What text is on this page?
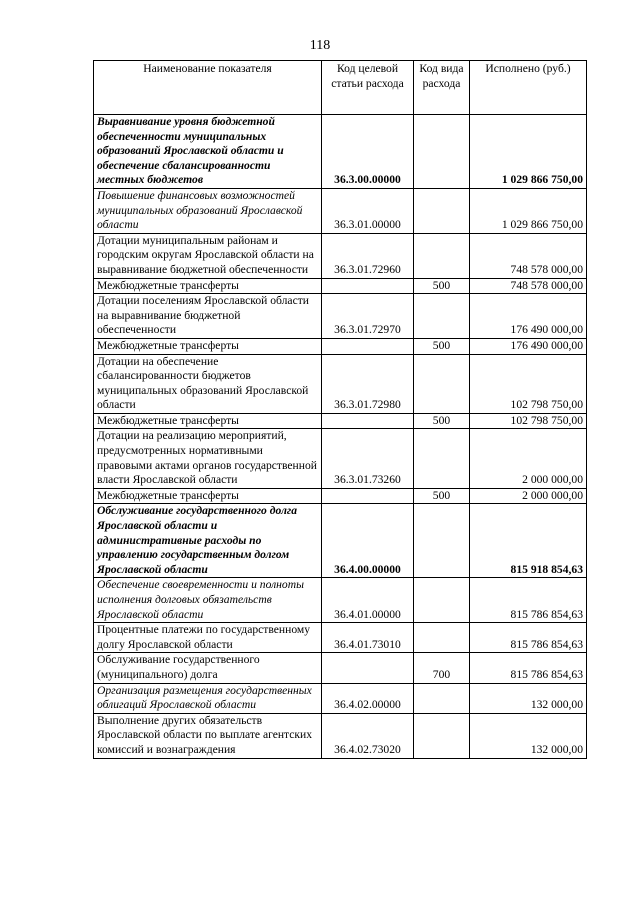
118
Наименование показателя	Код целевой статьи расхода	Код вида расхода	Исполнено (руб.)
Выравнивание уровня бюджетной обеспеченности муниципальных образований Ярославской области и обеспечение сбалансированности местных бюджетов	36.3.00.00000		1 029 866 750,00
Повышение финансовых возможностей муниципальных образований Ярославской области	36.3.01.00000		1 029 866 750,00
Дотации муниципальным районам и городским округам Ярославской области на выравнивание бюджетной обеспеченности	36.3.01.72960		748 578 000,00
Межбюджетные трансферты		500	748 578 000,00
Дотации поселениям Ярославской области на выравнивание бюджетной обеспеченности	36.3.01.72970		176 490 000,00
Межбюджетные трансферты		500	176 490 000,00
Дотации на обеспечение сбалансированности бюджетов муниципальных образований Ярославской области	36.3.01.72980		102 798 750,00
Межбюджетные трансферты		500	102 798 750,00
Дотации на реализацию мероприятий, предусмотренных нормативными правовыми актами органов государственной власти Ярославской области	36.3.01.73260		2 000 000,00
Межбюджетные трансферты		500	2 000 000,00
Обслуживание государственного долга Ярославской области и административные расходы по управлению государственным долгом Ярославской области	36.4.00.00000		815 918 854,63
Обеспечение своевременности и полноты исполнения долговых обязательств Ярославской области	36.4.01.00000		815 786 854,63
Процентные платежи по государственному долгу Ярославской области	36.4.01.73010		815 786 854,63
Обслуживание государственного (муниципального) долга		700	815 786 854,63
Организация размещения государственных облигаций Ярославской области	36.4.02.00000		132 000,00
Выполнение других обязательств Ярославской области по выплате агентских комиссий и вознаграждения	36.4.02.73020		132 000,00
